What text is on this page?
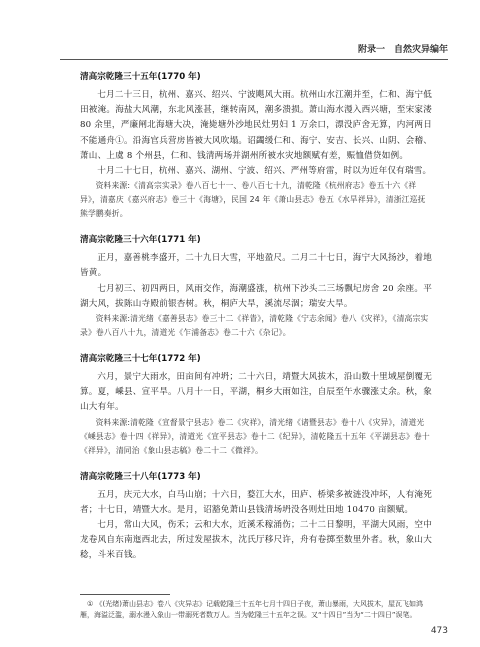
附录一　自然灾异编年
清高宗乾隆三十五年(1770 年)

七月二十三日，杭州、嘉兴、绍兴、宁波飓风大雨。杭州山水江潮并至，仁和、海宁低田被淹。海盐大风潮，东北风涨甚，继转南风，潮多溃损。萧山海水漫入西兴塘，至宋家溇 80 余里，严廉闸北海塘大决，淹毙塘外沙地民灶男妇 1 万余口，漂没庐舍无算，内河两日不能通舟①。沿海官兵营房皆被大风吹塌。诏蠲缓仁和、海宁、安吉、长兴、山阴、会稽、萧山、上虞 8 个州县，仁和、钱清两场并湖州所被水灾地额赋有差，赈恤借贷如例。

十月二十七日，杭州、嘉兴、湖州、宁波、绍兴、严州等府雷，时以为近年仅有瑞雪。

资料来源:《清高宗实录》卷八百七十一、卷八百七十九，清乾隆《杭州府志》卷五十六《祥异》，清嘉庆《嘉兴府志》卷三十《海塘》，民国 24 年《萧山县志》卷五《水旱祥异》，清浙江巡抚熊学鹏奏折。

清高宗乾隆三十六年(1771 年)

正月，嘉善桃李盛开，二十九日大雪，平地盈尺。二月二十七日，海宁大风扬沙，着地皆黄。

七月初三、初四两日，风雨交作，海潮盛涨，杭州下沙头二三场飘圮房舍 20 余座。平湖大风，拔陈山寺殿前银杏树。秋，桐庐大旱，溪流尽涸；瑞安大旱。

资料来源:清光绪《嘉善县志》卷三十二《祥眚》，清乾隆《宁志余闻》卷八《灾祥》，《清高宗实录》卷八百八十九，清道光《乍浦备志》卷二十六《杂记》。

清高宗乾隆三十七年(1772 年)

六月，景宁大雨水，田亩间有冲坍；二十六日，靖暨大风拔木，沿山数十里域屋倒覆无算。夏，嵊县、宣平旱。八月十一日，平湖，桐乡大雨如注，自辰至午水骤涨丈余。秋，象山大有年。

资料来源:清乾隆《宣督景宁县志》卷二《灾祥》，清光绪《诸暨县志》卷十八《灾异》，清道光《嵊县志》卷十四《祥异》，清道光《宣平县志》卷十二《纪异》，清乾隆五十五年《平湖县志》卷十《祥异》，清同治《象山县志稿》卷二十二《微祥》。

清高宗乾隆三十八年(1773 年)

五月，庆元大水，白马山崩；十六日，婺江大水，田庐、桥梁多被涟没冲坏，人有淹死者；十七日，靖暨大水。是月，诏豁免萧山县钱清场坍没各则灶田地 10470 亩额赋。

七月，常山大风，伤禾；云和大水，近溪禾稼涌伤；二十二日黎明，平湖大风雨，空中龙卷风自东南迤西北去，所过发屋拔木，沈氏厅移尺许，舟有卷掷至数里外者。秋，象山大稔，斗米百钱。

① 《(光绪)萧山县志》卷八《灾异志》记载乾隆三十五年七月十四日子夜，萧山暴雨，大风拔木，屋瓦飞如鸿雁，海溢泛滥，溺水漫入象山一带溺死者数万人。当为乾隆三十五年之误。又“十四日”当为“二十四日”误笔。
473
